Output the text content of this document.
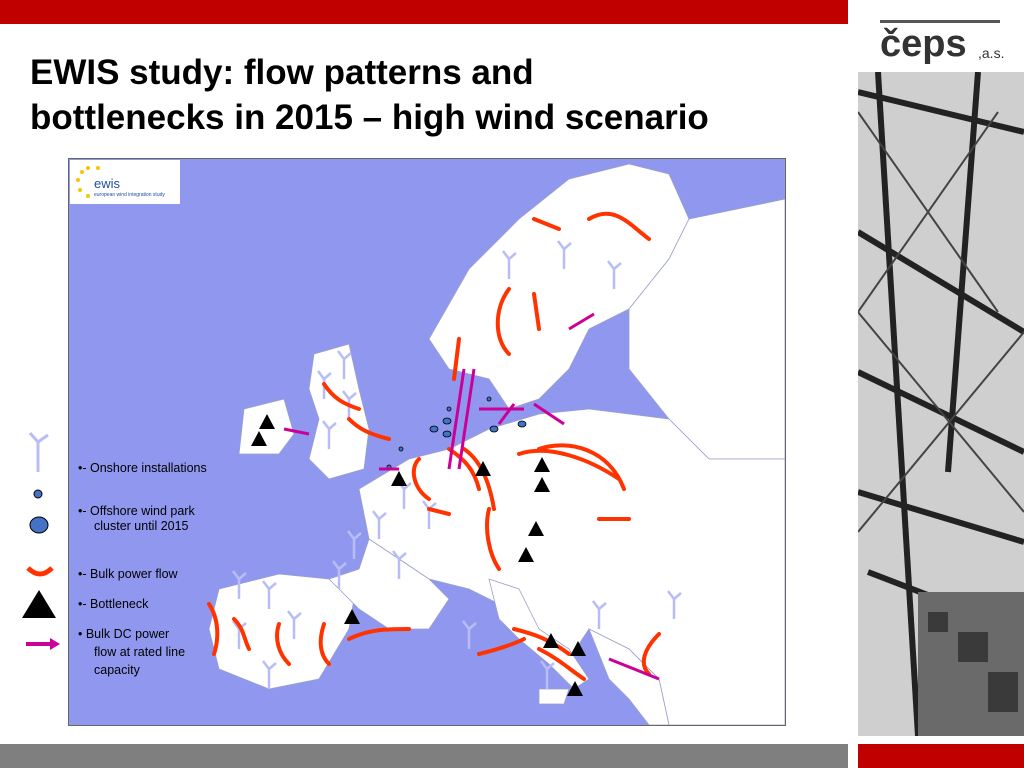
EWIS study: flow patterns and
bottlenecks in 2015 – high wind scenario
čeps ,a.s.
ewis
european wind integration study
•- Onshore installations
•- Offshore wind park
cluster until 2015
•- Bulk power flow
•- Bottleneck
• Bulk DC power
flow at rated line
capacity
